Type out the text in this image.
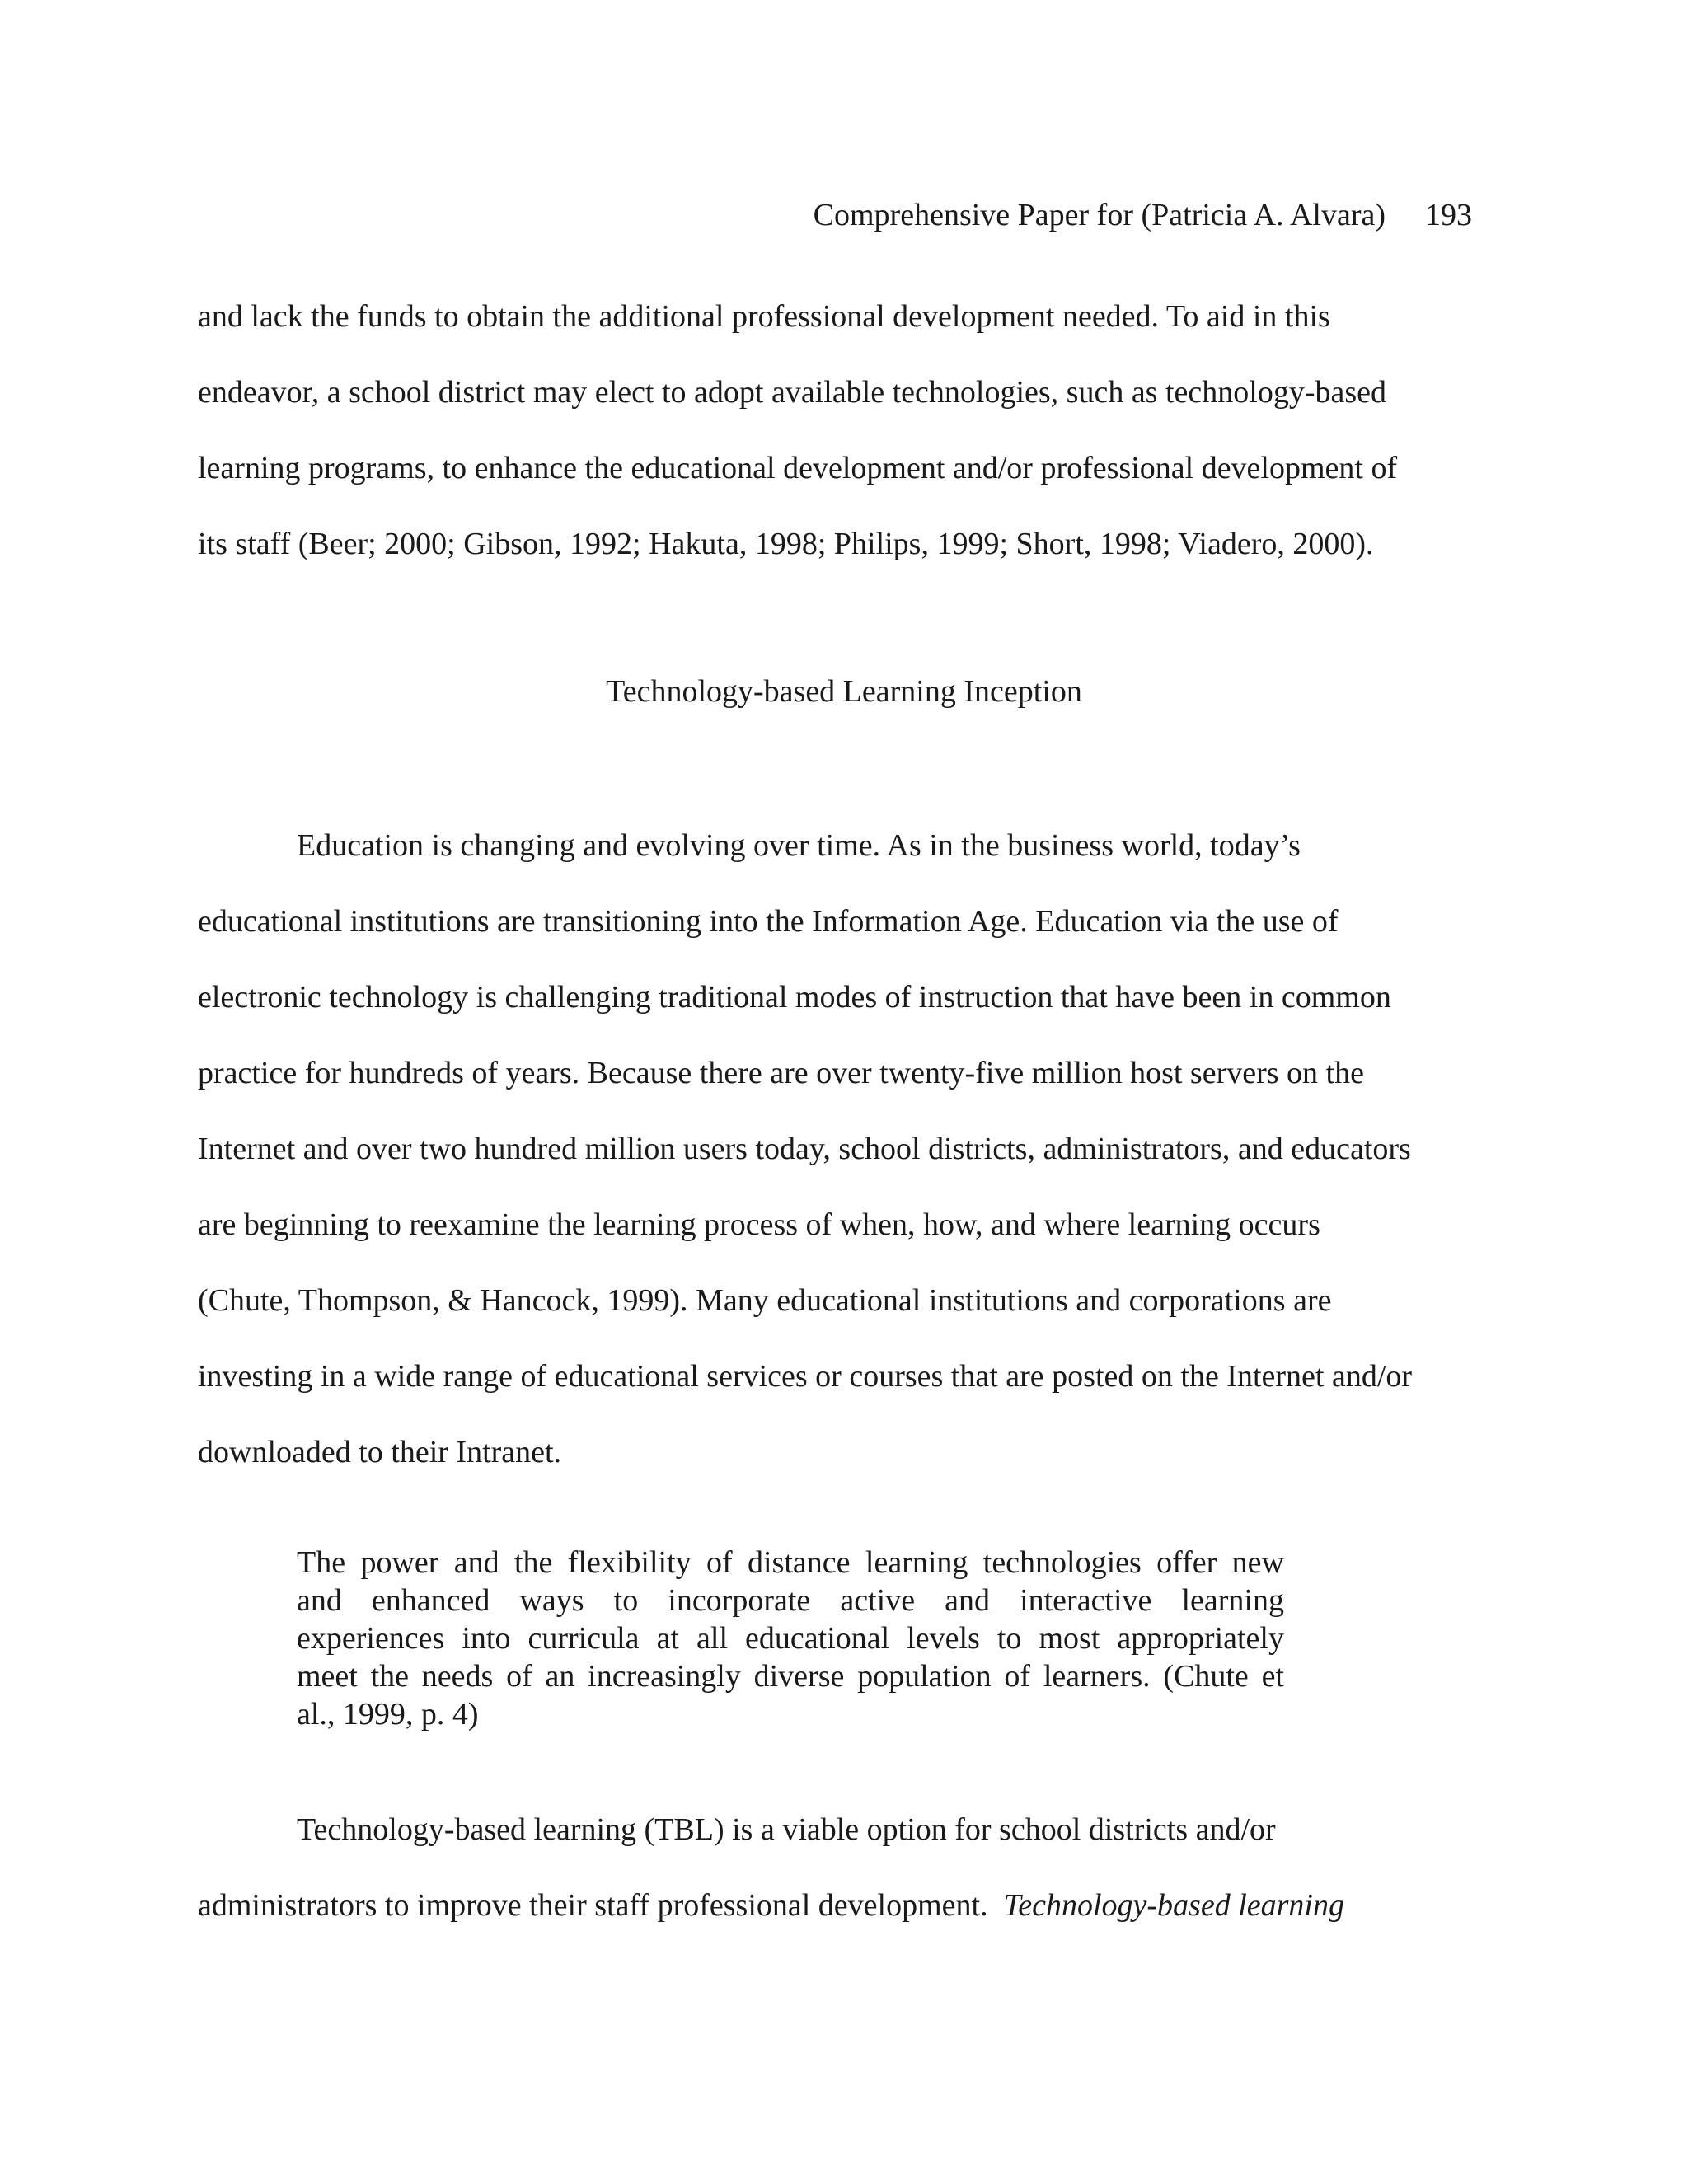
Comprehensive Paper for (Patricia A. Alvara) 193

and lack the funds to obtain the additional professional development needed. To aid in this
endeavor, a school district may elect to adopt available technologies, such as technology-based
learning programs, to enhance the educational development and/or professional development of
its staff (Beer; 2000; Gibson, 1992; Hakuta, 1998; Philips, 1999; Short, 1998; Viadero, 2000).

Technology-based Learning Inception

Education is changing and evolving over time. As in the business world, today’s
educational institutions are transitioning into the Information Age. Education via the use of
electronic technology is challenging traditional modes of instruction that have been in common
practice for hundreds of years. Because there are over twenty-five million host servers on the
Internet and over two hundred million users today, school districts, administrators, and educators
are beginning to reexamine the learning process of when, how, and where learning occurs
(Chute, Thompson, & Hancock, 1999). Many educational institutions and corporations are
investing in a wide range of educational services or courses that are posted on the Internet and/or
downloaded to their Intranet.

The power and the flexibility of distance learning technologies offer new
and enhanced ways to incorporate active and interactive learning
experiences into curricula at all educational levels to most appropriately
meet the needs of an increasingly diverse population of learners. (Chute et
al., 1999, p. 4)

Technology-based learning (TBL) is a viable option for school districts and/or
administrators to improve their staff professional development.  Technology-based learning
